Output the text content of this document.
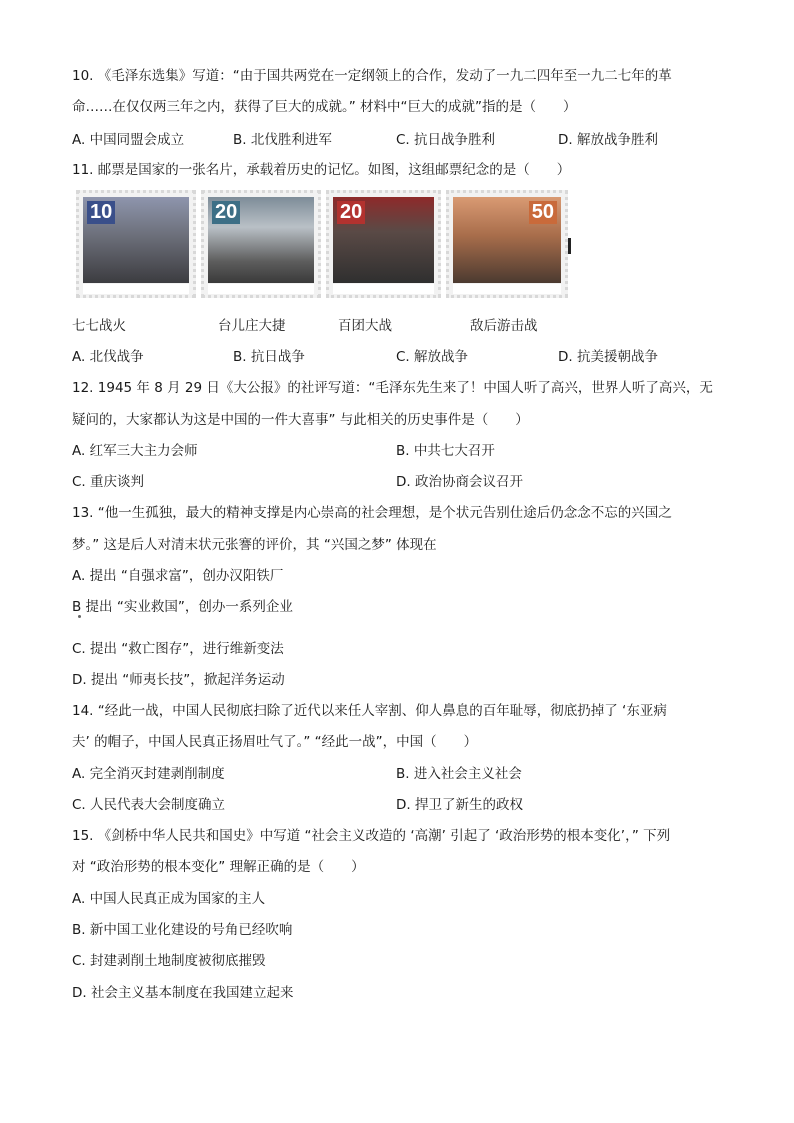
10. 《毛泽东选集》写道：“由于国共两党在一定纲领上的合作，发动了一九二四年至一九二七年的革
命……在仅仅两三年之内，获得了巨大的成就。” 材料中“巨大的成就”指的是（　　）
A. 中国同盟会成立	B. 北伐胜利进军	C. 抗日战争胜利	D. 解放战争胜利
11. 邮票是国家的一张名片，承载着历史的记忆。如图，这组邮票纪念的是（　　）
10	20	20	50
七七战火	台儿庄大捷	百团大战	敌后游击战
A. 北伐战争	B. 抗日战争	C. 解放战争	D. 抗美援朝战争
12. 1945 年 8 月 29 日《大公报》的社评写道：“毛泽东先生来了！中国人听了高兴，世界人听了高兴，无
疑问的，大家都认为这是中国的一件大喜事” 与此相关的历史事件是（　　）
A. 红军三大主力会师	B. 中共七大召开
C. 重庆谈判	D. 政治协商会议召开
13. “他一生孤独，最大的精神支撑是内心崇高的社会理想，是个状元告别仕途后仍念念不忘的兴国之
梦。” 这是后人对清末状元张謇的评价，其 “兴国之梦” 体现在
A. 提出 “自强求富”，创办汉阳铁厂
B 提出 “实业救国”，创办一系列企业
C. 提出 “救亡图存”，进行维新变法
D. 提出 “师夷长技”，掀起洋务运动
14. “经此一战，中国人民彻底扫除了近代以来任人宰割、仰人鼻息的百年耻辱，彻底扔掉了 ‘东亚病
夫’ 的帽子，中国人民真正扬眉吐气了。” “经此一战”，中国（　　）
A. 完全消灭封建剥削制度	B. 进入社会主义社会
C. 人民代表大会制度确立	D. 捍卫了新生的政权
15. 《剑桥中华人民共和国史》中写道 “社会主义改造的 ‘高潮’ 引起了 ‘政治形势的根本变化’，” 下列
对 “政治形势的根本变化” 理解正确的是（　　）
A. 中国人民真正成为国家的主人
B. 新中国工业化建设的号角已经吹响
C. 封建剥削土地制度被彻底摧毁
D. 社会主义基本制度在我国建立起来
